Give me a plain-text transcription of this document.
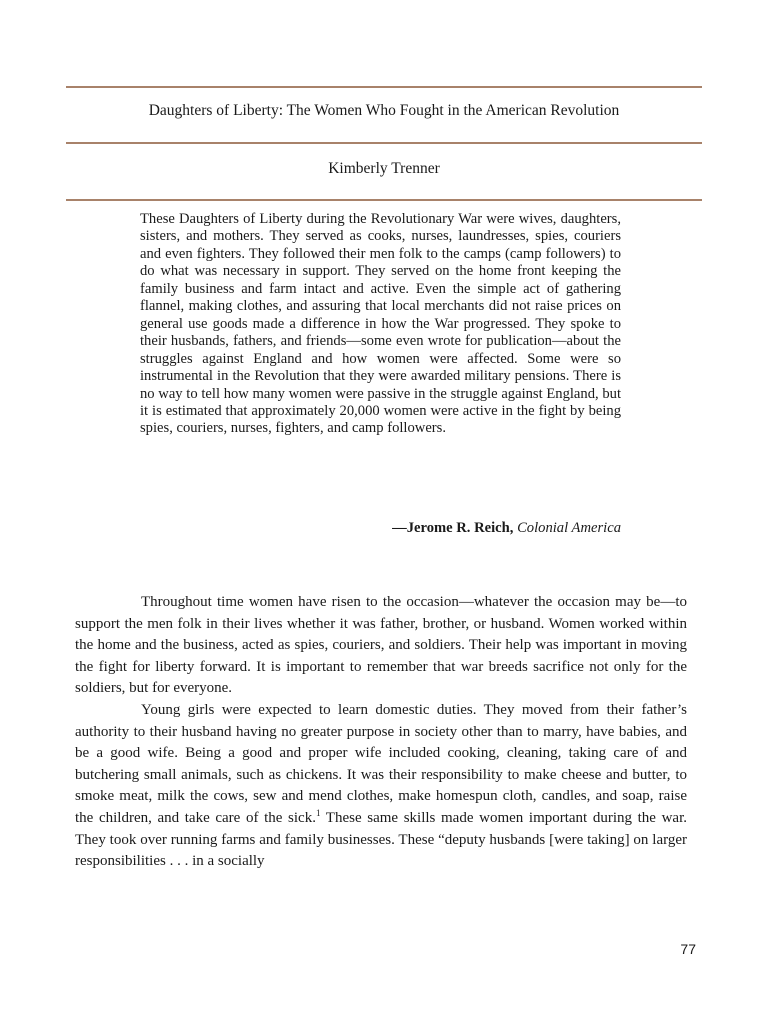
Daughters of Liberty: The Women Who Fought in the American Revolution
Kimberly Trenner
These Daughters of Liberty during the Revolutionary War were wives, daughters, sisters, and mothers. They served as cooks, nurses, laundresses, spies, couriers and even fighters. They followed their men folk to the camps (camp followers) to do what was necessary in support. They served on the home front keeping the family business and farm intact and active. Even the simple act of gathering flannel, making clothes, and assuring that local merchants did not raise prices on general use goods made a difference in how the War progressed. They spoke to their husbands, fathers, and friends—some even wrote for publication—about the struggles against England and how women were affected. Some were so instrumental in the Revolution that they were awarded military pensions. There is no way to tell how many women were passive in the struggle against England, but it is estimated that approximately 20,000 women were active in the fight by being spies, couriers, nurses, fighters, and camp followers.
—Jerome R. Reich, Colonial America

Throughout time women have risen to the occasion—whatever the occasion may be—to support the men folk in their lives whether it was father, brother, or husband. Women worked within the home and the business, acted as spies, couriers, and soldiers. Their help was important in moving the fight for liberty forward. It is important to remember that war breeds sacrifice not only for the soldiers, but for everyone.

Young girls were expected to learn domestic duties. They moved from their father’s authority to their husband having no greater purpose in society other than to marry, have babies, and be a good wife. Being a good and proper wife included cooking, cleaning, taking care of and butchering small animals, such as chickens. It was their responsibility to make cheese and butter, to smoke meat, milk the cows, sew and mend clothes, make homespun cloth, candles, and soap, raise the children, and take care of the sick.$^1$ These same skills made women important during the war. They took over running farms and family businesses. These “deputy husbands [were taking] on larger responsibilities . . . in a socially

77
